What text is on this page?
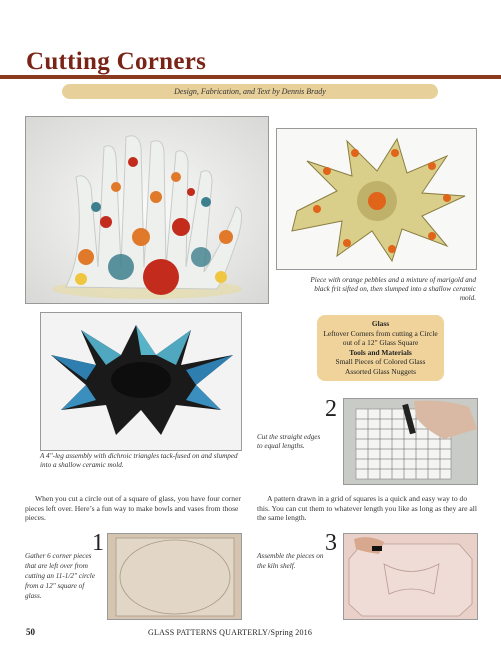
Cutting Corners
Design, Fabrication, and Text by Dennis Brady
Piece with orange pebbles and a mixture of marigold and black frit sifted on, then slumped into a shallow ceramic mold.
A 4"-leg assembly with dichroic triangles tack-fused on and slumped into a shallow ceramic mold.
Glass
Leftover Corners from cutting a Circle
out of a 12" Glass Square
Tools and Materials
Small Pieces of Colored Glass
Assorted Glass Nuggets
2
Cut the straight edges to equal lengths.
When you cut a circle out of a square of glass, you have four corner pieces left over. Here’s a fun way to make bowls and vases from those pieces.
A pattern drawn in a grid of squares is a quick and easy way to do this. You can cut them to whatever length you like as long as they are all the same length.
1
Gather 6 corner pieces that are left over from cutting an 11-1/2" circle from a 12" square of glass.
3
Assemble the pieces on the kiln shelf.
50	GLASS PATTERNS QUARTERLY/Spring 2016
